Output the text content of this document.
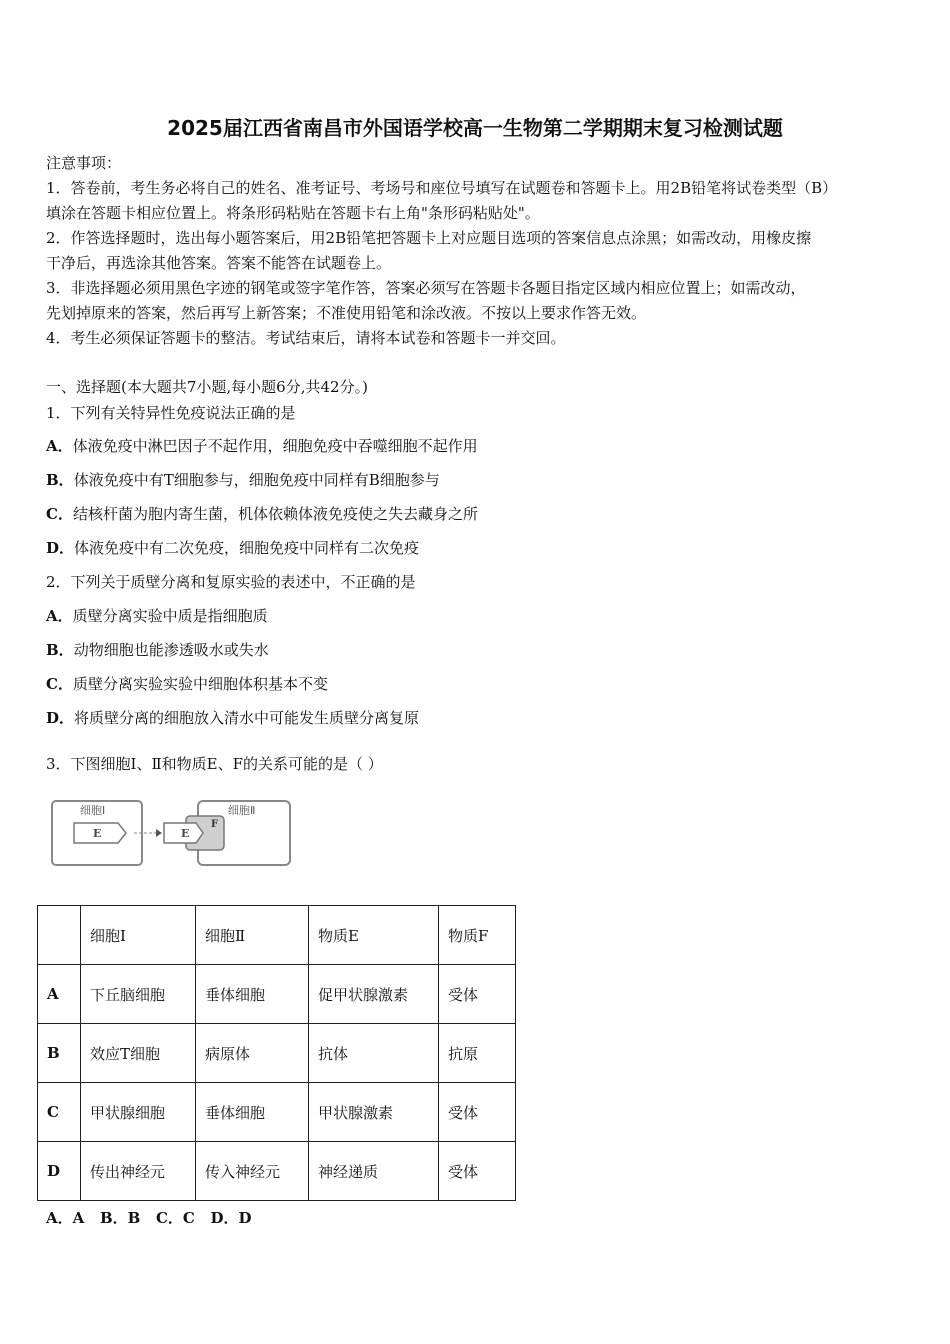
2025届江西省南昌市外国语学校高一生物第二学期期末复习检测试题
注意事项：
1．答卷前，考生务必将自己的姓名、准考证号、考场号和座位号填写在试题卷和答题卡上。用2B铅笔将试卷类型（B）
填涂在答题卡相应位置上。将条形码粘贴在答题卡右上角"条形码粘贴处"。
2．作答选择题时，选出每小题答案后，用2B铅笔把答题卡上对应题目选项的答案信息点涂黑；如需改动，用橡皮擦
干净后，再选涂其他答案。答案不能答在试题卷上。
3．非选择题必须用黑色字迹的钢笔或签字笔作答，答案必须写在答题卡各题目指定区域内相应位置上；如需改动，
先划掉原来的答案，然后再写上新答案；不准使用铅笔和涂改液。不按以上要求作答无效。
4．考生必须保证答题卡的整洁。考试结束后，请将本试卷和答题卡一并交回。
一、选择题(本大题共7小题,每小题6分,共42分。)
1．下列有关特异性免疫说法正确的是
A．体液免疫中淋巴因子不起作用，细胞免疫中吞噬细胞不起作用
B．体液免疫中有T细胞参与，细胞免疫中同样有B细胞参与
C．结核杆菌为胞内寄生菌，机体依赖体液免疫使之失去藏身之所
D．体液免疫中有二次免疫，细胞免疫中同样有二次免疫
2．下列关于质壁分离和复原实验的表述中，不正确的是
A．质壁分离实验中质是指细胞质
B．动物细胞也能渗透吸水或失水
C．质壁分离实验实验中细胞体积基本不变
D．将质壁分离的细胞放入清水中可能发生质壁分离复原
3．下图细胞Ⅰ、Ⅱ和物质E、F的关系可能的是（ ）
细胞Ⅰ
E
细胞Ⅱ
F
E
	细胞Ⅰ	细胞Ⅱ	物质E	物质F
A	下丘脑细胞	垂体细胞	促甲状腺激素	受体
B	效应T细胞	病原体	抗体	抗原
C	甲状腺细胞	垂体细胞	甲状腺激素	受体
D	传出神经元	传入神经元	神经递质	受体
A．A   B．B   C．C   D．D
